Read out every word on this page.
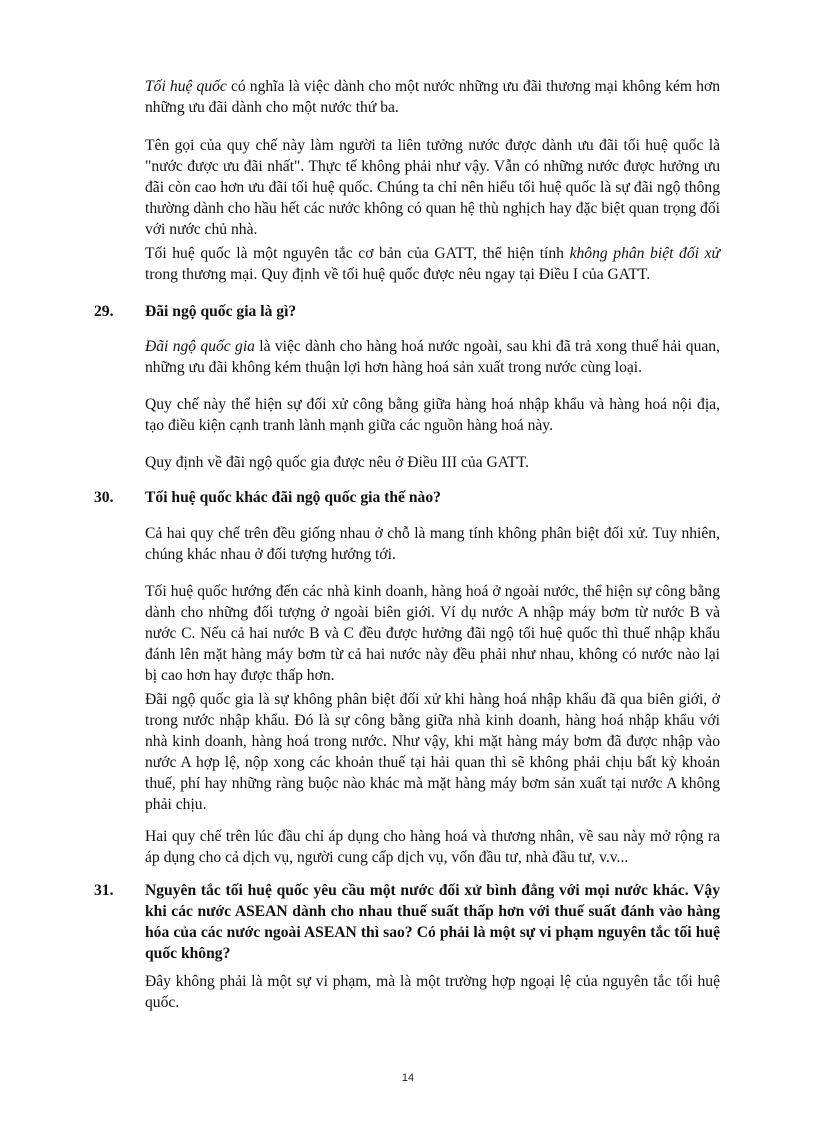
Tối huệ quốc có nghĩa là việc dành cho một nước những ưu đãi thương mại không kém hơn những ưu đãi dành cho một nước thứ ba.

Tên gọi của quy chế này làm người ta liên tưởng nước được dành ưu đãi tối huệ quốc là "nước được ưu đãi nhất". Thực tế không phải như vậy. Vẫn có những nước được hưởng ưu đãi còn cao hơn ưu đãi tối huệ quốc. Chúng ta chỉ nên hiểu tối huệ quốc là sự đãi ngộ thông thường dành cho hầu hết các nước không có quan hệ thù nghịch hay đặc biệt quan trọng đối với nước chủ nhà.

Tối huệ quốc là một nguyên tắc cơ bản của GATT, thể hiện tính không phân biệt đối xử trong thương mại. Quy định về tối huệ quốc được nêu ngay tại Điều I của GATT.

29. Đãi ngộ quốc gia là gì?

Đãi ngộ quốc gia là việc dành cho hàng hoá nước ngoài, sau khi đã trả xong thuế hải quan, những ưu đãi không kém thuận lợi hơn hàng hoá sản xuất trong nước cùng loại.

Quy chế này thể hiện sự đối xử công bằng giữa hàng hoá nhập khẩu và hàng hoá nội địa, tạo điều kiện cạnh tranh lành mạnh giữa các nguồn hàng hoá này.

Quy định về đãi ngộ quốc gia được nêu ở Điều III của GATT.

30. Tối huệ quốc khác đãi ngộ quốc gia thế nào?

Cả hai quy chế trên đều giống nhau ở chỗ là mang tính không phân biệt đối xử. Tuy nhiên, chúng khác nhau ở đối tượng hướng tới.

Tối huệ quốc hướng đến các nhà kinh doanh, hàng hoá ở ngoài nước, thể hiện sự công bằng dành cho những đối tượng ở ngoài biên giới. Ví dụ nước A nhập máy bơm từ nước B và nước C. Nếu cả hai nước B và C đều được hưởng đãi ngộ tối huệ quốc thì thuế nhập khẩu đánh lên mặt hàng máy bơm từ cả hai nước này đều phải như nhau, không có nước nào lại bị cao hơn hay được thấp hơn.

Đãi ngộ quốc gia là sự không phân biệt đối xử khi hàng hoá nhập khẩu đã qua biên giới, ở trong nước nhập khẩu. Đó là sự công bằng giữa nhà kinh doanh, hàng hoá nhập khẩu với nhà kinh doanh, hàng hoá trong nước. Như vậy, khi mặt hàng máy bơm đã được nhập vào nước A hợp lệ, nộp xong các khoản thuế tại hải quan thì sẽ không phải chịu bất kỳ khoản thuế, phí hay những ràng buộc nào khác mà mặt hàng máy bơm sản xuất tại nước A không phải chịu.

Hai quy chế trên lúc đầu chỉ áp dụng cho hàng hoá và thương nhân, về sau này mở rộng ra áp dụng cho cả dịch vụ, người cung cấp dịch vụ, vốn đầu tư, nhà đầu tư, v.v...

31. Nguyên tắc tối huệ quốc yêu cầu một nước đối xử bình đẳng với mọi nước khác. Vậy khi các nước ASEAN dành cho nhau thuế suất thấp hơn với thuế suất đánh vào hàng hóa của các nước ngoài ASEAN thì sao? Có phải là một sự vi phạm nguyên tắc tối huệ quốc không?

Đây không phải là một sự vi phạm, mà là một trường hợp ngoại lệ của nguyên tắc tối huệ quốc.

14
